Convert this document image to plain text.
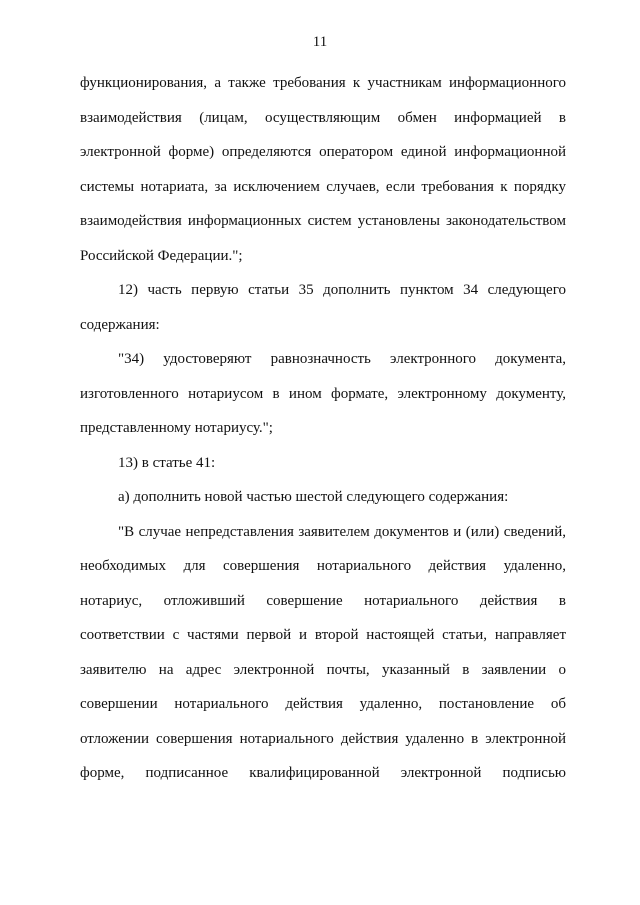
11
функционирования, а также требования к участникам информационного
взаимодействия (лицам, осуществляющим обмен информацией в
электронной форме) определяются оператором единой информационной
системы нотариата, за исключением случаев, если требования к порядку
взаимодействия информационных систем установлены законодательством
Российской Федерации.";
12) часть первую статьи 35 дополнить пунктом 34 следующего
содержания:
"34) удостоверяют равнозначность электронного документа,
изготовленного нотариусом в ином формате, электронному документу,
представленному нотариусу.";
13) в статье 41:
а) дополнить новой частью шестой следующего содержания:
"В случае непредставления заявителем документов и (или) сведений,
необходимых для совершения нотариального действия удаленно,
нотариус, отложивший совершение нотариального действия в
соответствии с частями первой и второй настоящей статьи, направляет
заявителю на адрес электронной почты, указанный в заявлении о
совершении нотариального действия удаленно, постановление об
отложении совершения нотариального действия удаленно в электронной
форме, подписанное квалифицированной электронной подписью
